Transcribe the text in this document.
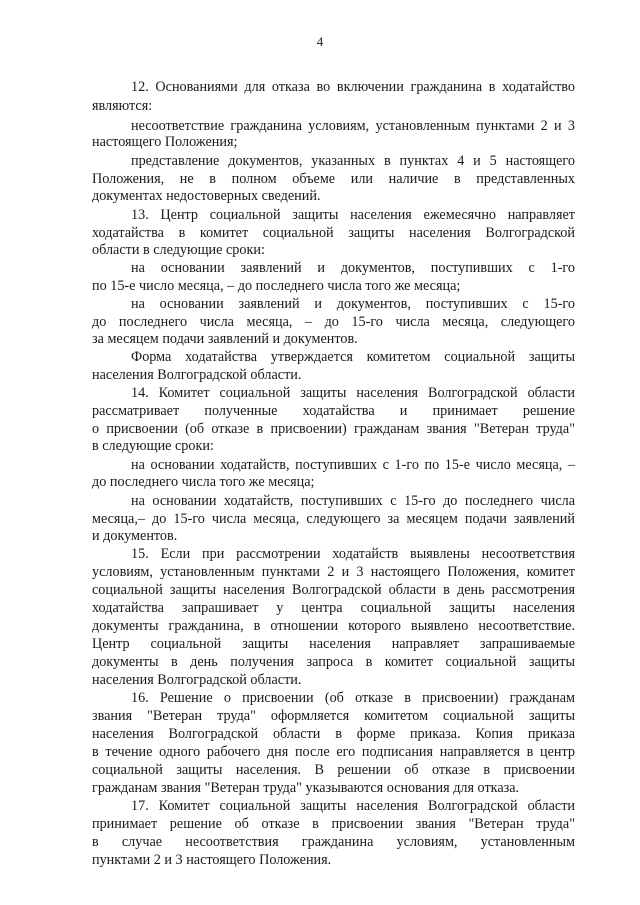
4
12. Основаниями для отказа во включении гражданина в ходатайство
являются:
несоответствие гражданина условиям, установленным пунктами 2 и 3
настоящего Положения;
представление документов, указанных в пунктах 4 и 5 настоящего
Положения, не в полном объеме или наличие в представленных
документах недостоверных сведений.
13. Центр социальной защиты населения ежемесячно направляет
ходатайства в комитет социальной защиты населения Волгоградской
области в следующие сроки:
на основании заявлений и документов, поступивших с 1-го
по 15-е число месяца, – до последнего числа того же месяца;
на основании заявлений и документов, поступивших с 15-го
до последнего числа месяца, – до 15-го числа месяца, следующего
за месяцем подачи заявлений и документов.
Форма ходатайства утверждается комитетом социальной защиты
населения Волгоградской области.
14. Комитет социальной защиты населения Волгоградской области
рассматривает полученные ходатайства и принимает решение
о присвоении (об отказе в присвоении) гражданам звания "Ветеран труда"
в следующие сроки:
на основании ходатайств, поступивших с 1-го по 15-е число месяца, –
до последнего числа того же месяца;
на основании ходатайств, поступивших с 15-го до последнего числа
месяца,– до 15-го числа месяца, следующего за месяцем подачи заявлений
и документов.
15. Если при рассмотрении ходатайств выявлены несоответствия
условиям, установленным пунктами 2 и 3 настоящего Положения, комитет
социальной защиты населения Волгоградской области в день рассмотрения
ходатайства запрашивает у центра социальной защиты населения
документы гражданина, в отношении которого выявлено несоответствие.
Центр социальной защиты населения направляет запрашиваемые
документы в день получения запроса в комитет социальной защиты
населения Волгоградской области.
16. Решение о присвоении (об отказе в присвоении) гражданам
звания "Ветеран труда" оформляется комитетом социальной защиты
населения Волгоградской области в форме приказа. Копия приказа
в течение одного рабочего дня после его подписания направляется в центр
социальной защиты населения. В решении об отказе в присвоении
гражданам звания "Ветеран труда" указываются основания для отказа.
17. Комитет социальной защиты населения Волгоградской области
принимает решение об отказе в присвоении звания "Ветеран труда"
в случае несоответствия гражданина условиям, установленным
пунктами 2 и 3 настоящего Положения.
